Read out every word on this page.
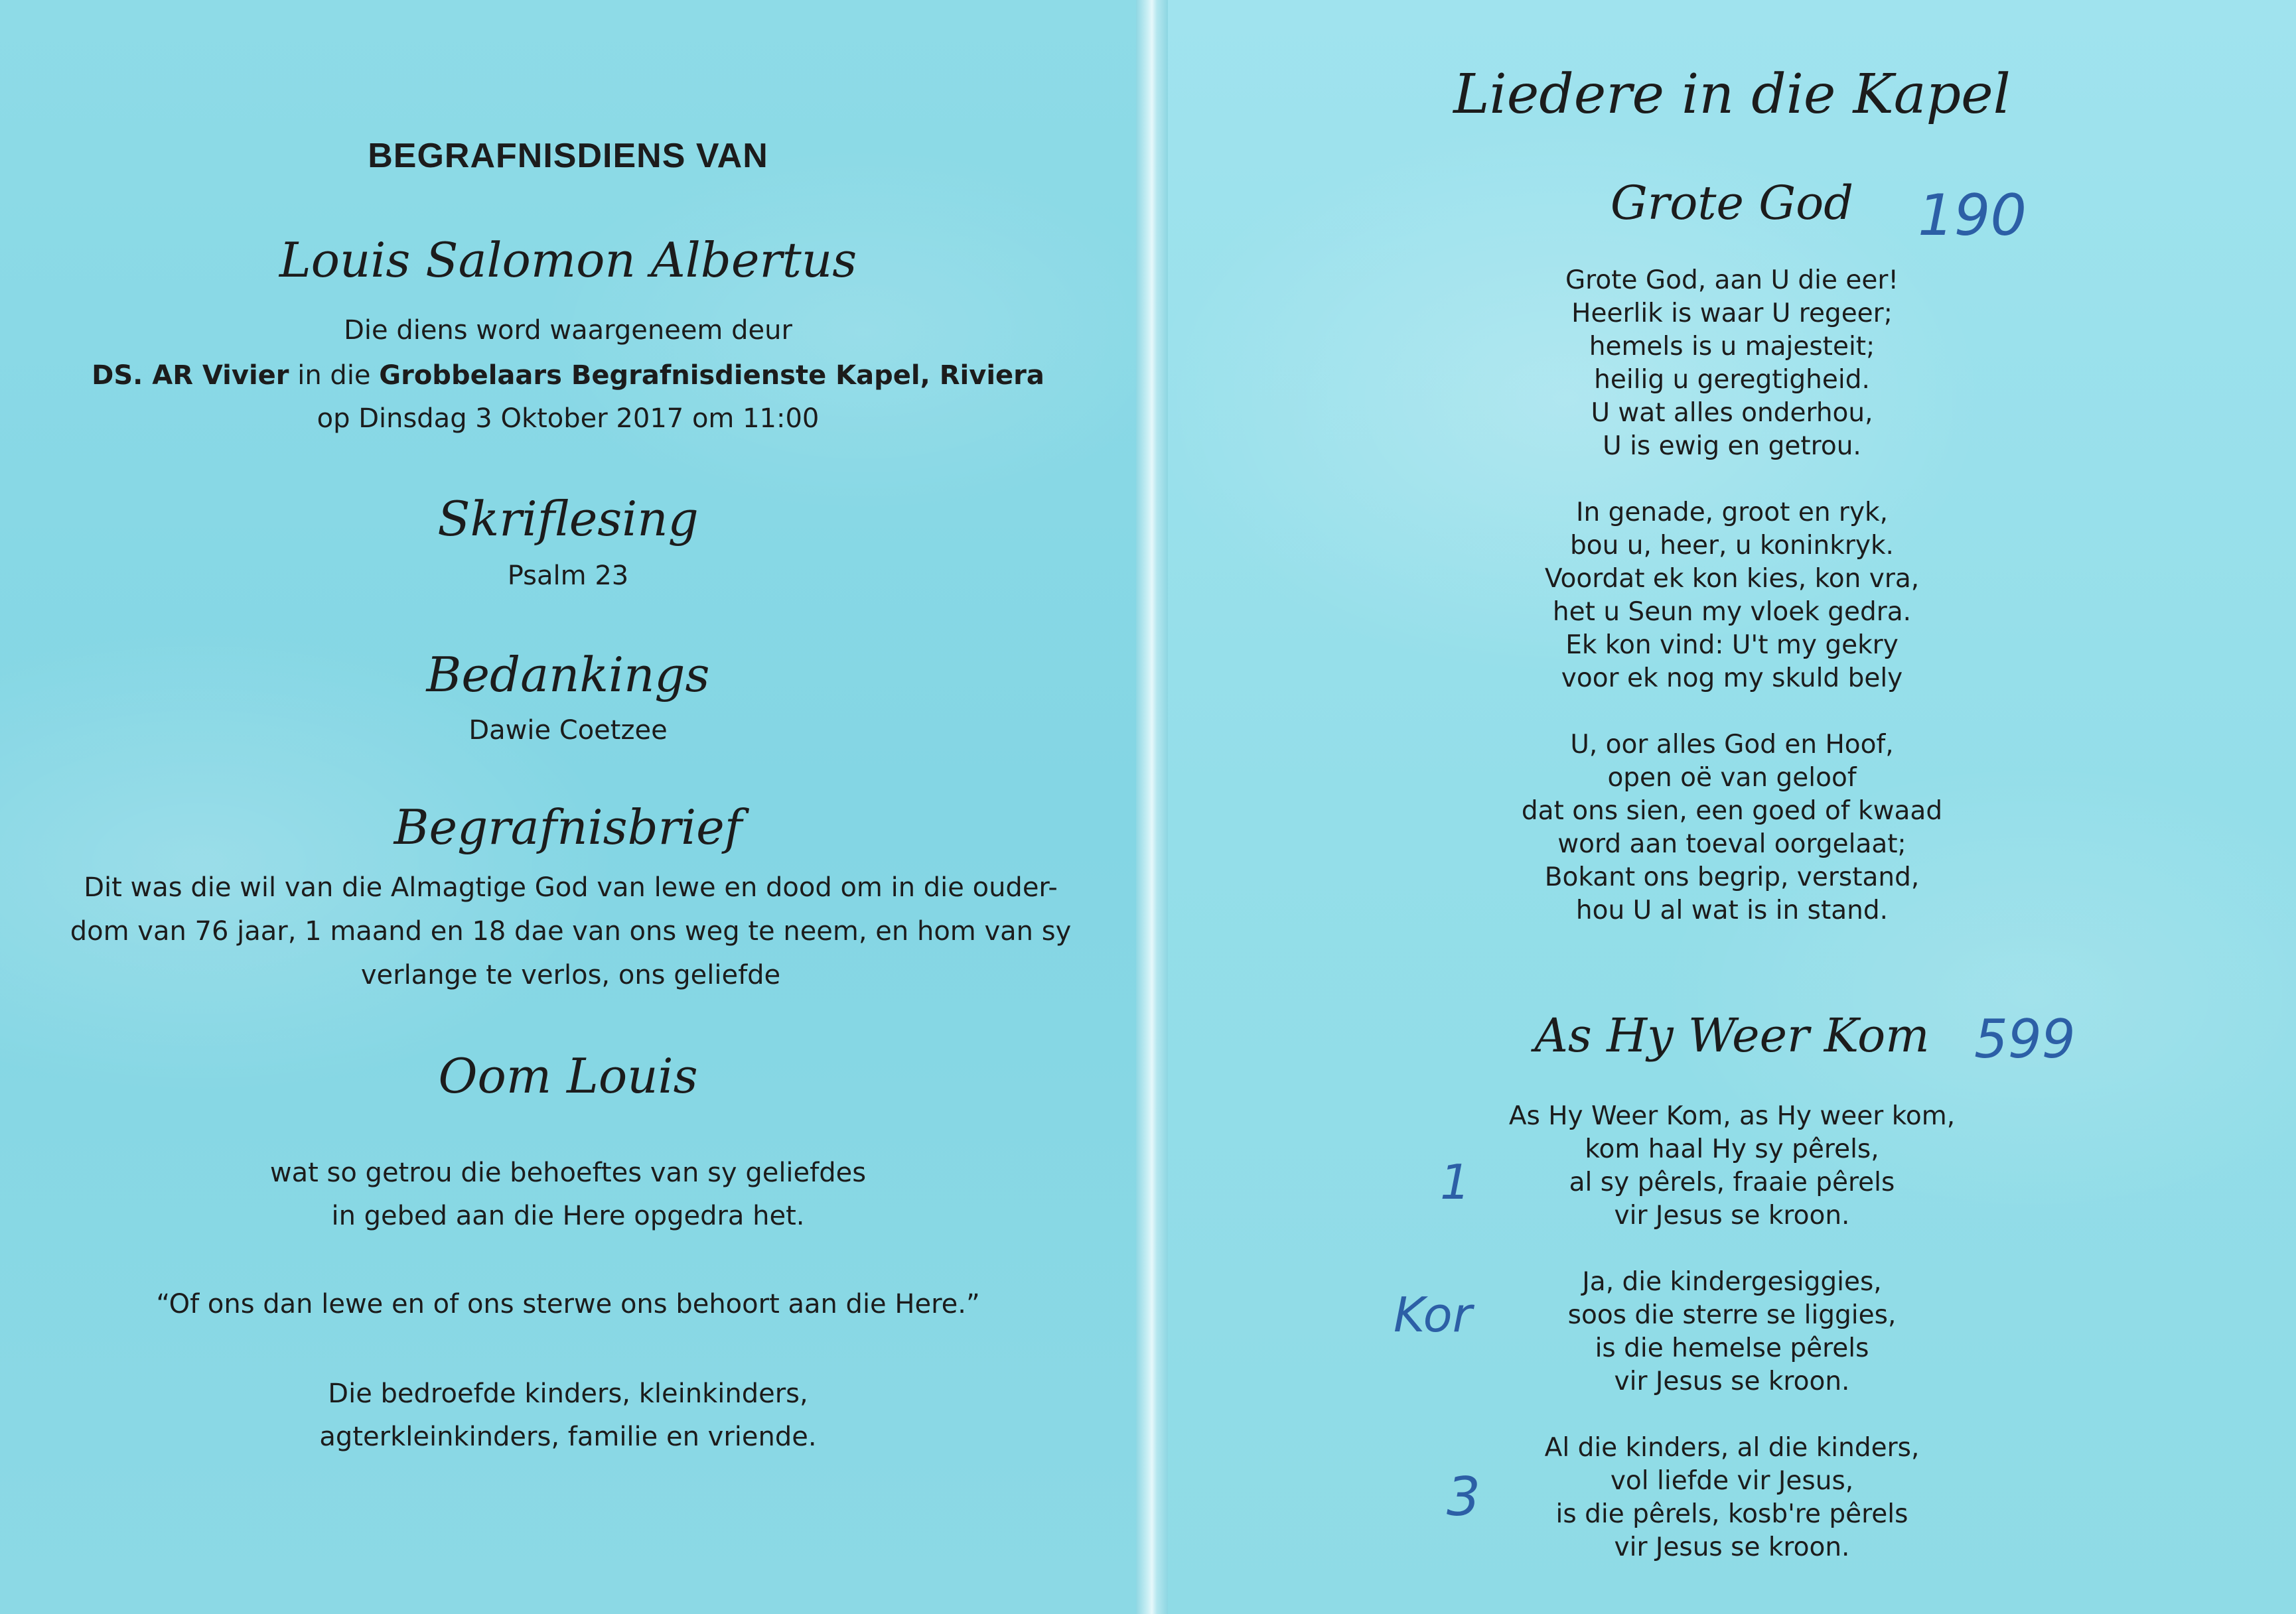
BEGRAFNISDIENS VAN
Louis Salomon Albertus
Die diens word waargeneem deur
DS. AR Vivier in die Grobbelaars Begrafnisdienste Kapel, Riviera
op Dinsdag 3 Oktober 2017 om 11:00
Skriflesing
Psalm 23
Bedankings
Dawie Coetzee
Begrafnisbrief
Dit was die wil van die Almagtige God van lewe en dood om in die ouder-dom van 76 jaar, 1 maand en 18 dae van ons weg te neem, en hom van sy verlange te verlos, ons geliefde
Oom Louis
wat so getrou die behoeftes van sy geliefdes
in gebed aan die Here opgedra het.
“Of ons dan lewe en of ons sterwe ons behoort aan die Here.”
Die bedroefde kinders, kleinkinders,
agterkleinkinders, familie en vriende.
Liedere in die Kapel
Grote God	190
Grote God, aan U die eer!
Heerlik is waar U regeer;
hemels is u majesteit;
heilig u geregtigheid.
U wat alles onderhou,
U is ewig en getrou.
In genade, groot en ryk,
bou u, heer, u koninkryk.
Voordat ek kon kies, kon vra,
het u Seun my vloek gedra.
Ek kon vind: U't my gekry
voor ek nog my skuld bely
U, oor alles God en Hoof,
open oë van geloof
dat ons sien, een goed of kwaad
word aan toeval oorgelaat;
Bokant ons begrip, verstand,
hou U al wat is in stand.
As Hy Weer Kom 599
As Hy Weer Kom, as Hy weer kom,
kom haal Hy sy pêrels,
al sy pêrels, fraaie pêrels
vir Jesus se kroon.
Ja, die kindergesiggies,
soos die sterre se liggies,
is die hemelse pêrels
vir Jesus se kroon.
Al die kinders, al die kinders,
vol liefde vir Jesus,
is die pêrels, kosb're pêrels
vir Jesus se kroon.
1
Kor
3
